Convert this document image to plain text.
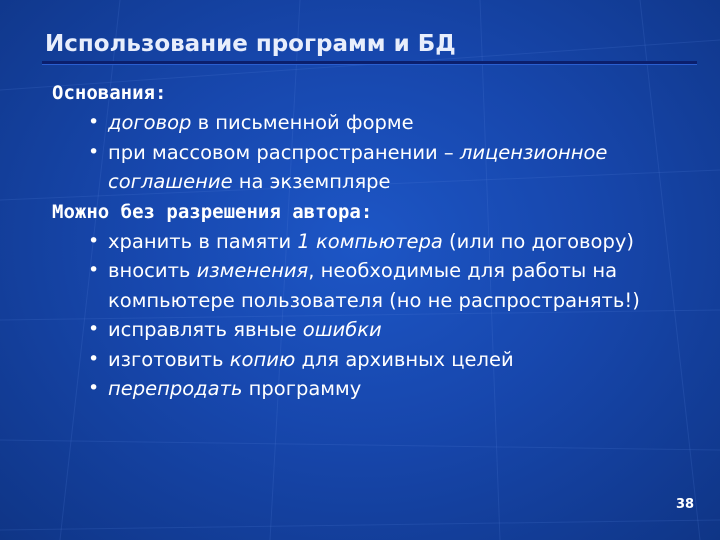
Использование программ и БД

Основания:

• договор в письменной форме
• при массовом распространении – лицензионное соглашение на экземпляре

Можно без разрешения автора:

• хранить в памяти 1 компьютера (или по договору)
• вносить изменения, необходимые для работы на компьютере пользователя (но не распространять!)
• исправлять явные ошибки
• изготовить копию для архивных целей
• перепродать программу
38
